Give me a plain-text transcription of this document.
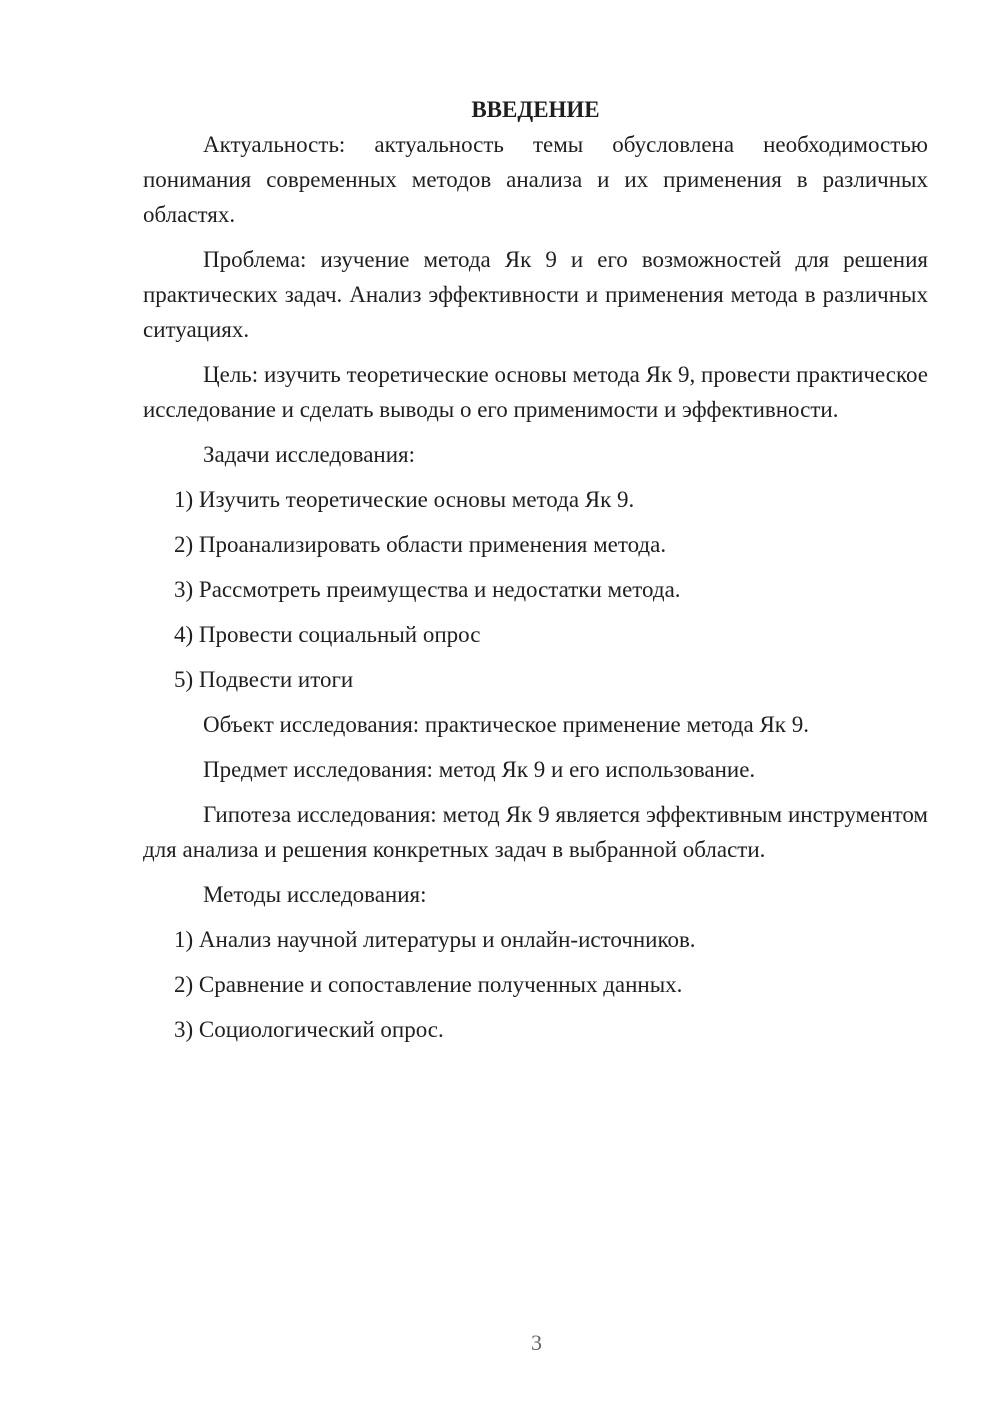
ВВЕДЕНИЕ

Актуальность: актуальность темы обусловлена необходимостью понимания современных методов анализа и их применения в различных областях.

Проблема: изучение метода Як 9 и его возможностей для решения практических задач. Анализ эффективности и применения метода в различных ситуациях.

Цель: изучить теоретические основы метода Як 9, провести практическое исследование и сделать выводы о его применимости и эффективности.

Задачи исследования:

1) Изучить теоретические основы метода Як 9.

2) Проанализировать области применения метода.

3) Рассмотреть преимущества и недостатки метода.

4) Провести социальный опрос

5) Подвести итоги

Объект исследования: практическое применение метода Як 9.

Предмет исследования: метод Як 9 и его использование.

Гипотеза исследования: метод Як 9 является эффективным инструментом для анализа и решения конкретных задач в выбранной области.

Методы исследования:

1) Анализ научной литературы и онлайн-источников.

2) Сравнение и сопоставление полученных данных.

3) Социологический опрос.

3
